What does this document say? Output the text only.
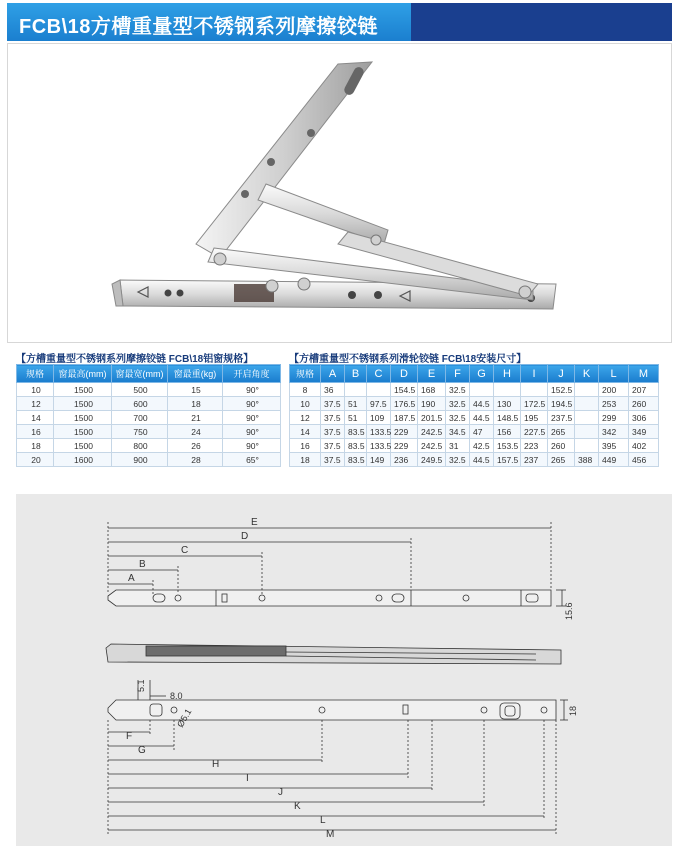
FCB\18方槽重量型不锈钢系列摩擦铰链
【方槽重量型不锈钢系列摩擦铰链 FCB\18铝窗规格】
规格	窗最高(mm)	窗最宽(mm)	窗最重(kg)	开启角度
10	1500	500	15	90°
12	1500	600	18	90°
14	1500	700	21	90°
16	1500	750	24	90°
18	1500	800	26	90°
20	1600	900	28	65°
【方槽重量型不锈钢系列滑轮铰链 FCB\18安装尺寸】
规格	A	B	C	D	E	F	G	H	I	J	K	L	M
8	36			154.5	168	32.5				152.5		200	207
10	37.5	51	97.5	176.5	190	32.5	44.5	130	172.5	194.5		253	260
12	37.5	51	109	187.5	201.5	32.5	44.5	148.5	195	237.5		299	306
14	37.5	83.5	133.5	229	242.5	34.5	47	156	227.5	265		342	349
16	37.5	83.5	133.5	229	242.5	31	42.5	153.5	223	260		395	402
18	37.5	83.5	149	236	249.5	32.5	44.5	157.5	237	265	388	449	456
E
D
C
B
A
F
G
H
I
J
K
L
M
15.6
5.1
8.0
Ø5.1	18
